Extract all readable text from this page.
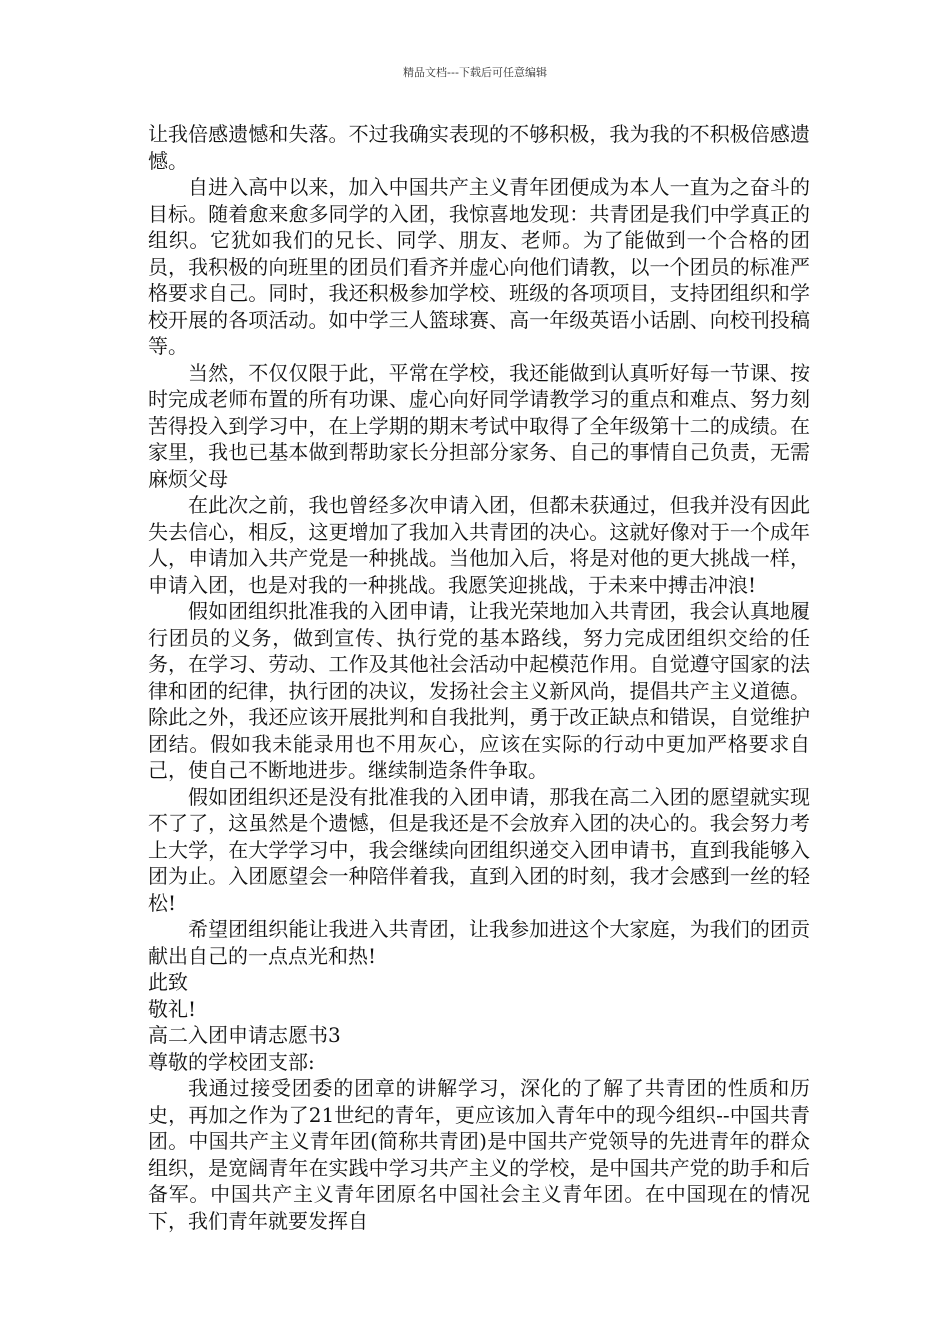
精品文档---下载后可任意编辑

让我倍感遗憾和失落。不过我确实表现的不够积极，我为我的不积极倍感遗憾。

自进入高中以来，加入中国共产主义青年团便成为本人一直为之奋斗的目标。随着愈来愈多同学的入团，我惊喜地发现：共青团是我们中学真正的组织。它犹如我们的兄长、同学、朋友、老师。为了能做到一个合格的团员，我积极的向班里的团员们看齐并虚心向他们请教，以一个团员的标准严格要求自己。同时，我还积极参加学校、班级的各项项目，支持团组织和学校开展的各项活动。如中学三人篮球赛、高一年级英语小话剧、向校刊投稿等。

当然，不仅仅限于此，平常在学校，我还能做到认真听好每一节课、按时完成老师布置的所有功课、虚心向好同学请教学习的重点和难点、努力刻苦得投入到学习中，在上学期的期末考试中取得了全年级第十二的成绩。在家里，我也已基本做到帮助家长分担部分家务、自己的事情自己负责，无需麻烦父母

在此次之前，我也曾经多次申请入团，但都未获通过，但我并没有因此失去信心，相反，这更增加了我加入共青团的决心。这就好像对于一个成年人，申请加入共产党是一种挑战。当他加入后，将是对他的更大挑战一样，申请入团，也是对我的一种挑战。我愿笑迎挑战，于未来中搏击冲浪!

假如团组织批准我的入团申请，让我光荣地加入共青团，我会认真地履行团员的义务，做到宣传、执行党的基本路线，努力完成团组织交给的任务，在学习、劳动、工作及其他社会活动中起模范作用。自觉遵守国家的法律和团的纪律，执行团的决议，发扬社会主义新风尚，提倡共产主义道德。除此之外，我还应该开展批判和自我批判，勇于改正缺点和错误，自觉维护团结。假如我未能录用也不用灰心，应该在实际的行动中更加严格要求自己，使自己不断地进步。继续制造条件争取。

假如团组织还是没有批准我的入团申请，那我在高二入团的愿望就实现不了了，这虽然是个遗憾，但是我还是不会放弃入团的决心的。我会努力考上大学，在大学学习中，我会继续向团组织递交入团申请书，直到我能够入团为止。入团愿望会一种陪伴着我，直到入团的时刻，我才会感到一丝的轻松!

希望团组织能让我进入共青团，让我参加进这个大家庭，为我们的团贡献出自己的一点点光和热!

此致

敬礼!

高二入团申请志愿书3

尊敬的学校团支部:

我通过接受团委的团章的讲解学习，深化的了解了共青团的性质和历史，再加之作为了21世纪的青年，更应该加入青年中的现今组织--中国共青团。中国共产主义青年团(简称共青团)是中国共产党领导的先进青年的群众组织，是宽阔青年在实践中学习共产主义的学校，是中国共产党的助手和后备军。中国共产主义青年团原名中国社会主义青年团。在中国现在的情况下，我们青年就要发挥自
